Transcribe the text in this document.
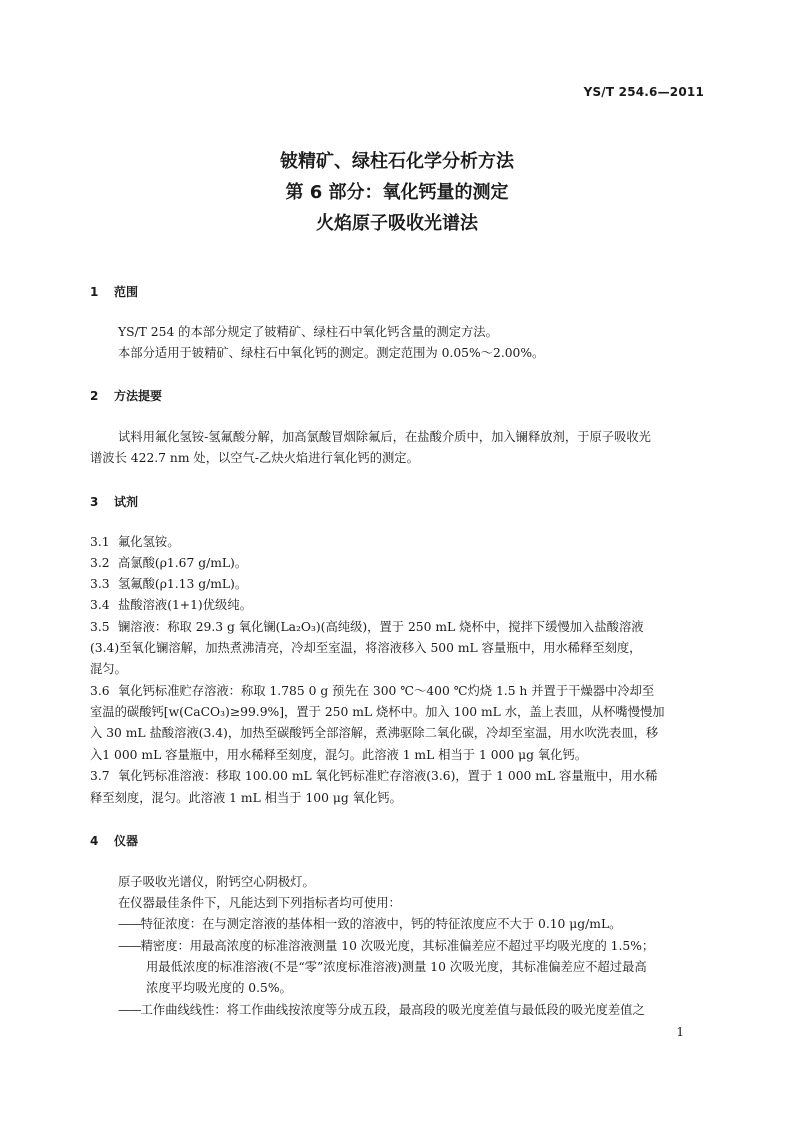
YS/T 254.6—2011
铍精矿、绿柱石化学分析方法
第 6 部分：氧化钙量的测定
火焰原子吸收光谱法
1 范围
YS/T 254 的本部分规定了铍精矿、绿柱石中氧化钙含量的测定方法。
本部分适用于铍精矿、绿柱石中氧化钙的测定。测定范围为 0.05%～2.00%。
2 方法提要
试料用氟化氢铵-氢氟酸分解，加高氯酸冒烟除氟后，在盐酸介质中，加入镧释放剂，于原子吸收光
谱波长 422.7 nm 处，以空气-乙炔火焰进行氧化钙的测定。
3 试剂
3.1 氟化氢铵。
3.2 高氯酸(ρ1.67 g/mL)。
3.3 氢氟酸(ρ1.13 g/mL)。
3.4 盐酸溶液(1+1)优级纯。
3.5 镧溶液：称取 29.3 g 氧化镧(La₂O₃)(高纯级)，置于 250 mL 烧杯中，搅拌下缓慢加入盐酸溶液
(3.4)至氧化镧溶解，加热煮沸清亮，冷却至室温，将溶液移入 500 mL 容量瓶中，用水稀释至刻度，
混匀。
3.6 氧化钙标准贮存溶液：称取 1.785 0 g 预先在 300 ℃～400 ℃灼烧 1.5 h 并置于干燥器中冷却至
室温的碳酸钙[w(CaCO₃)≥99.9%]，置于 250 mL 烧杯中。加入 100 mL 水，盖上表皿，从杯嘴慢慢加
入 30 mL 盐酸溶液(3.4)，加热至碳酸钙全部溶解，煮沸驱除二氧化碳，冷却至室温，用水吹洗表皿，移
入1 000 mL 容量瓶中，用水稀释至刻度，混匀。此溶液 1 mL 相当于 1 000 μg 氧化钙。
3.7 氧化钙标准溶液：移取 100.00 mL 氧化钙标准贮存溶液(3.6)，置于 1 000 mL 容量瓶中，用水稀
释至刻度，混匀。此溶液 1 mL 相当于 100 μg 氧化钙。
4 仪器
原子吸收光谱仪，附钙空心阴极灯。
在仪器最佳条件下，凡能达到下列指标者均可使用：
——特征浓度：在与测定溶液的基体相一致的溶液中，钙的特征浓度应不大于 0.10 μg/mL。
——精密度：用最高浓度的标准溶液测量 10 次吸光度，其标准偏差应不超过平均吸光度的 1.5%；
用最低浓度的标准溶液(不是“零”浓度标准溶液)测量 10 次吸光度，其标准偏差应不超过最高
浓度平均吸光度的 0.5%。
——工作曲线线性：将工作曲线按浓度等分成五段，最高段的吸光度差值与最低段的吸光度差值之
1
